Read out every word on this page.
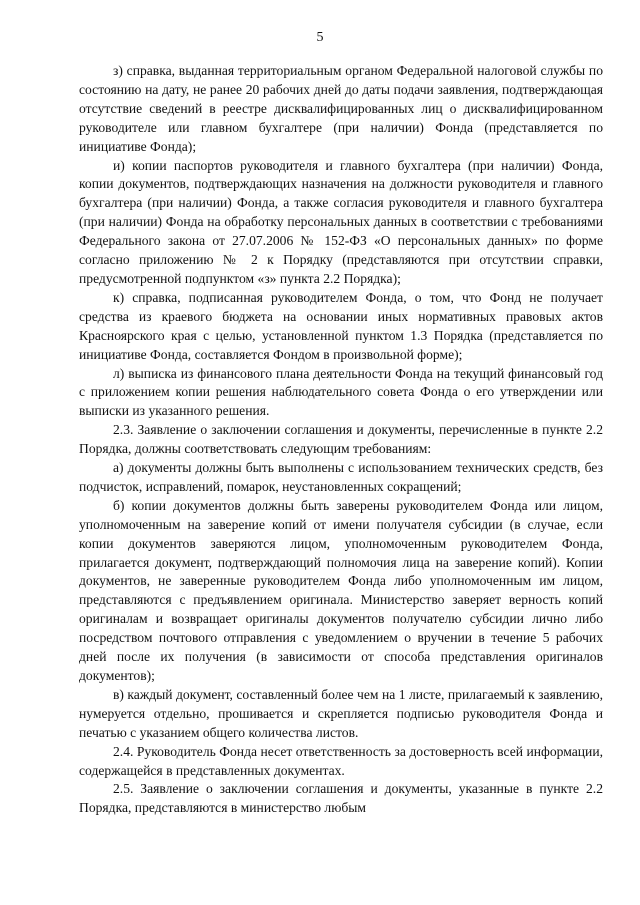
5

з) справка, выданная территориальным органом Федеральной налоговой службы по состоянию на дату, не ранее 20 рабочих дней до даты подачи заявления, подтверждающая отсутствие сведений в реестре дисквалифицированных лиц о дисквалифицированном руководителе или главном бухгалтере (при наличии) Фонда (представляется по инициативе Фонда);

и) копии паспортов руководителя и главного бухгалтера (при наличии) Фонда, копии документов, подтверждающих назначения на должности руководителя и главного бухгалтера (при наличии) Фонда, а также согласия руководителя и главного бухгалтера (при наличии) Фонда на обработку персональных данных в соответствии с требованиями Федерального закона от 27.07.2006 № 152-ФЗ «О персональных данных» по форме согласно приложению № 2 к Порядку (представляются при отсутствии справки, предусмотренной подпунктом «з» пункта 2.2 Порядка);

к) справка, подписанная руководителем Фонда, о том, что Фонд не получает средства из краевого бюджета на основании иных нормативных правовых актов Красноярского края с целью, установленной пунктом 1.3 Порядка (представляется по инициативе Фонда, составляется Фондом в произвольной форме);

л) выписка из финансового плана деятельности Фонда на текущий финансовый год с приложением копии решения наблюдательного совета Фонда о его утверждении или выписки из указанного решения.

2.3. Заявление о заключении соглашения и документы, перечисленные в пункте 2.2 Порядка, должны соответствовать следующим требованиям:

а) документы должны быть выполнены с использованием технических средств, без подчисток, исправлений, помарок, неустановленных сокращений;

б) копии документов должны быть заверены руководителем Фонда или лицом, уполномоченным на заверение копий от имени получателя субсидии (в случае, если копии документов заверяются лицом, уполномоченным руководителем Фонда, прилагается документ, подтверждающий полномочия лица на заверение копий). Копии документов, не заверенные руководителем Фонда либо уполномоченным им лицом, представляются с предъявлением оригинала. Министерство заверяет верность копий оригиналам и возвращает оригиналы документов получателю субсидии лично либо посредством почтового отправления с уведомлением о вручении в течение 5 рабочих дней после их получения (в зависимости от способа представления оригиналов документов);

в) каждый документ, составленный более чем на 1 листе, прилагаемый к заявлению, нумеруется отдельно, прошивается и скрепляется подписью руководителя Фонда и печатью с указанием общего количества листов.

2.4. Руководитель Фонда несет ответственность за достоверность всей информации, содержащейся в представленных документах.

2.5. Заявление о заключении соглашения и документы, указанные в пункте 2.2 Порядка, представляются в министерство любым
